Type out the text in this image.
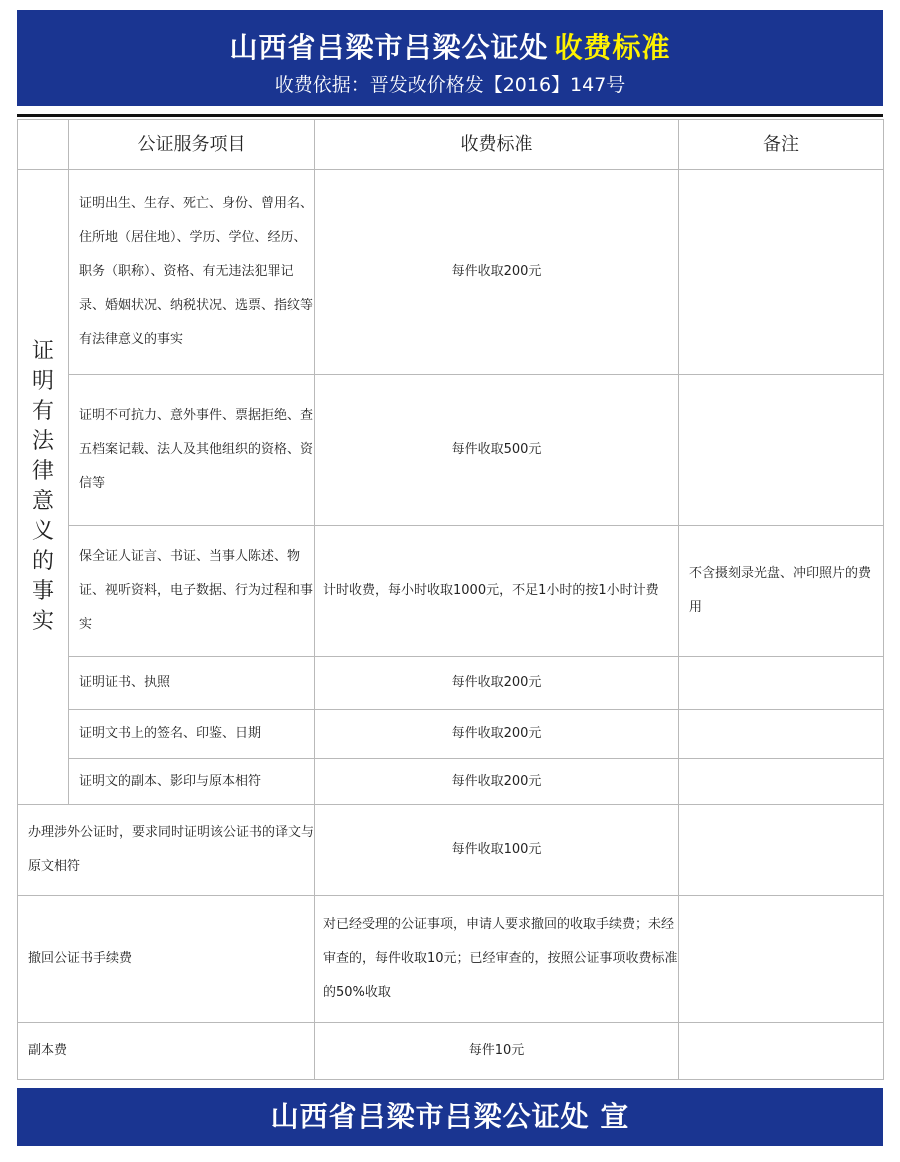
山西省吕梁市吕梁公证处 收费标准
收费依据：晋发改价格发【2016】147号
	公证服务项目	收费标准	备注
证明有法律意义的事实	证明出生、生存、死亡、身份、曾用名、住所地（居住地）、学历、学位、经历、职务（职称）、资格、有无违法犯罪记录、婚姻状况、纳税状况、选票、指纹等有法律意义的事实	每件收取200元	
	证明不可抗力、意外事件、票据拒绝、查五档案记载、法人及其他组织的资格、资信等	每件收取500元	
	保全证人证言、书证、当事人陈述、物证、视听资料，电子数据、行为过程和事实	计时收费，每小时收取1000元，不足1小时的按1小时计费	不含摄刻录光盘、冲印照片的费用
	证明证书、执照	每件收取200元	
	证明文书上的签名、印鉴、日期	每件收取200元	
	证明文的副本、影印与原本相符	每件收取200元	
办理涉外公证时，要求同时证明该公证书的译文与原文相符		每件收取100元	
撤回公证书手续费		对已经受理的公证事项，申请人要求撤回的收取手续费；未经审查的，每件收取10元；已经审查的，按照公证事项收费标准的50%收取	
副本费		每件10元	
山西省吕梁市吕梁公证处 宣
